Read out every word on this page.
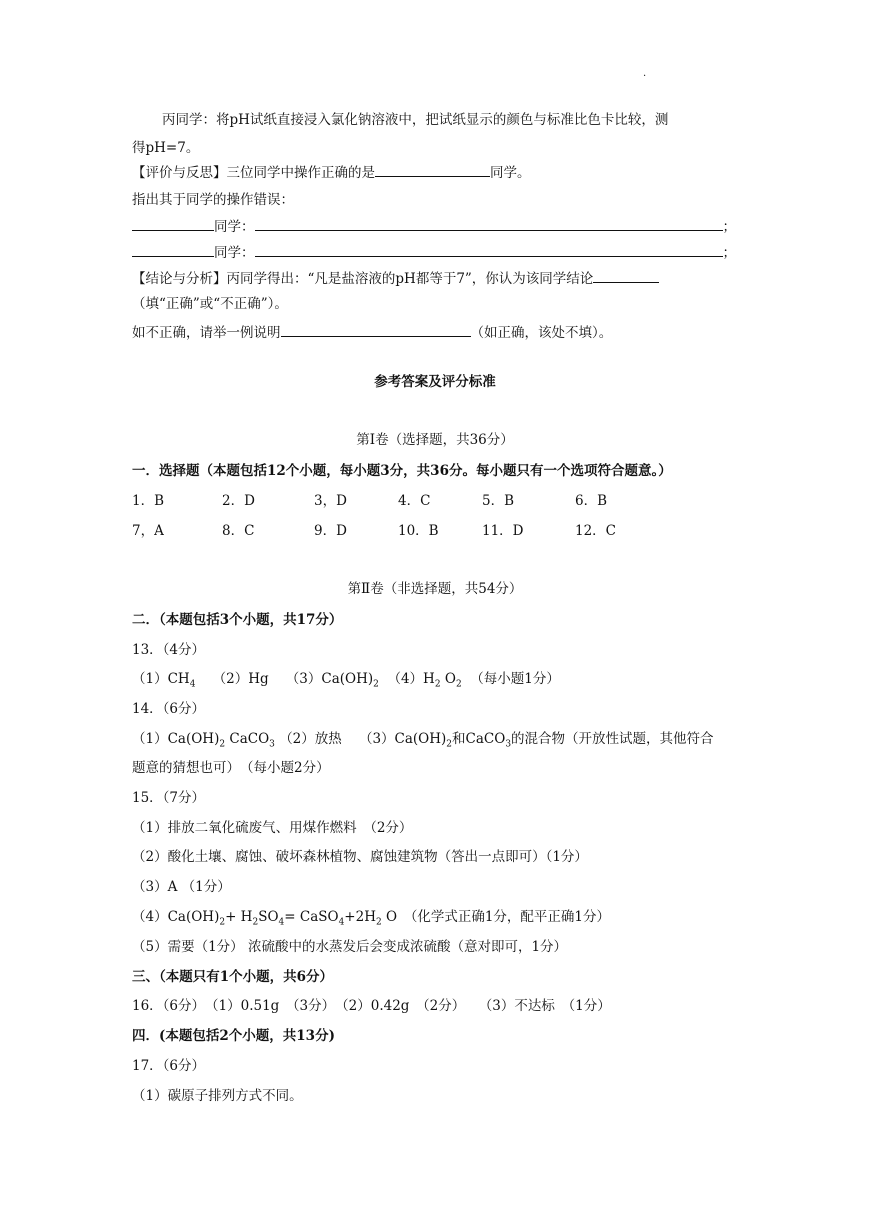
.
丙同学：将pH试纸直接浸入氯化钠溶液中，把试纸显示的颜色与标准比色卡比较，测
得pH=7。
【评价与反思】三位同学中操作正确的是	同学。
指出其于同学的操作错误：
同学：	；
同学：	；
【结论与分析】丙同学得出：“凡是盐溶液的pH都等于7”，你认为该同学结论
（填“正确”或“不正确”）。
如不正确，请举一例说明	（如正确，该处不填）。
参考答案及评分标准
第Ⅰ卷（选择题，共36分）
一．选择题（本题包括12个小题，每小题3分，共36分。每小题只有一个选项符合题意。）
1．B	2．D	3，D	4．C	5．B	6．B
7，A	8．C	9．D	10．B	11．D	12．C
第Ⅱ卷（非选择题，共54分）
二．（本题包括3个小题，共17分）
13．（4分）
$(1)CH_4$ （2）Hg $(3)Ca(OH)_2$ $(4)H_2$ $O_2$ （每小题1分）
14．（6分）
$(1)Ca(OH)_2$ CaCO$_3$ （2）放热 $(3)Ca(OH)_2$和CaCO$_3$的混合物（开放性试题，其他符合
题意的猜想也可）　（每小题2分）
15．（7分）
（1）排放二氧化硫废气、用煤作燃料　（2分）
（2）酸化土壤、腐蚀、破坏森林植物、腐蚀建筑物（答出一点即可）（1分）
（3）A （1分）
$(4)Ca(OH)_2+ H_2SO_4=$ $CaSO_4+2H_2$ O　（化学式正确1分，配平正确1分）
（5）需要（1分） 浓硫酸中的水蒸发后会变成浓硫酸（意对即可，1分）
三、（本题只有1个小题，共6分）
16．（6分）　（1）0.51g　（3分）　（2）0.42g　（2分）　　（3）不达标　（1分）
四．(本题包括2个小题，共13分)
17．（6分）
（1）碳原子排列方式不同。
